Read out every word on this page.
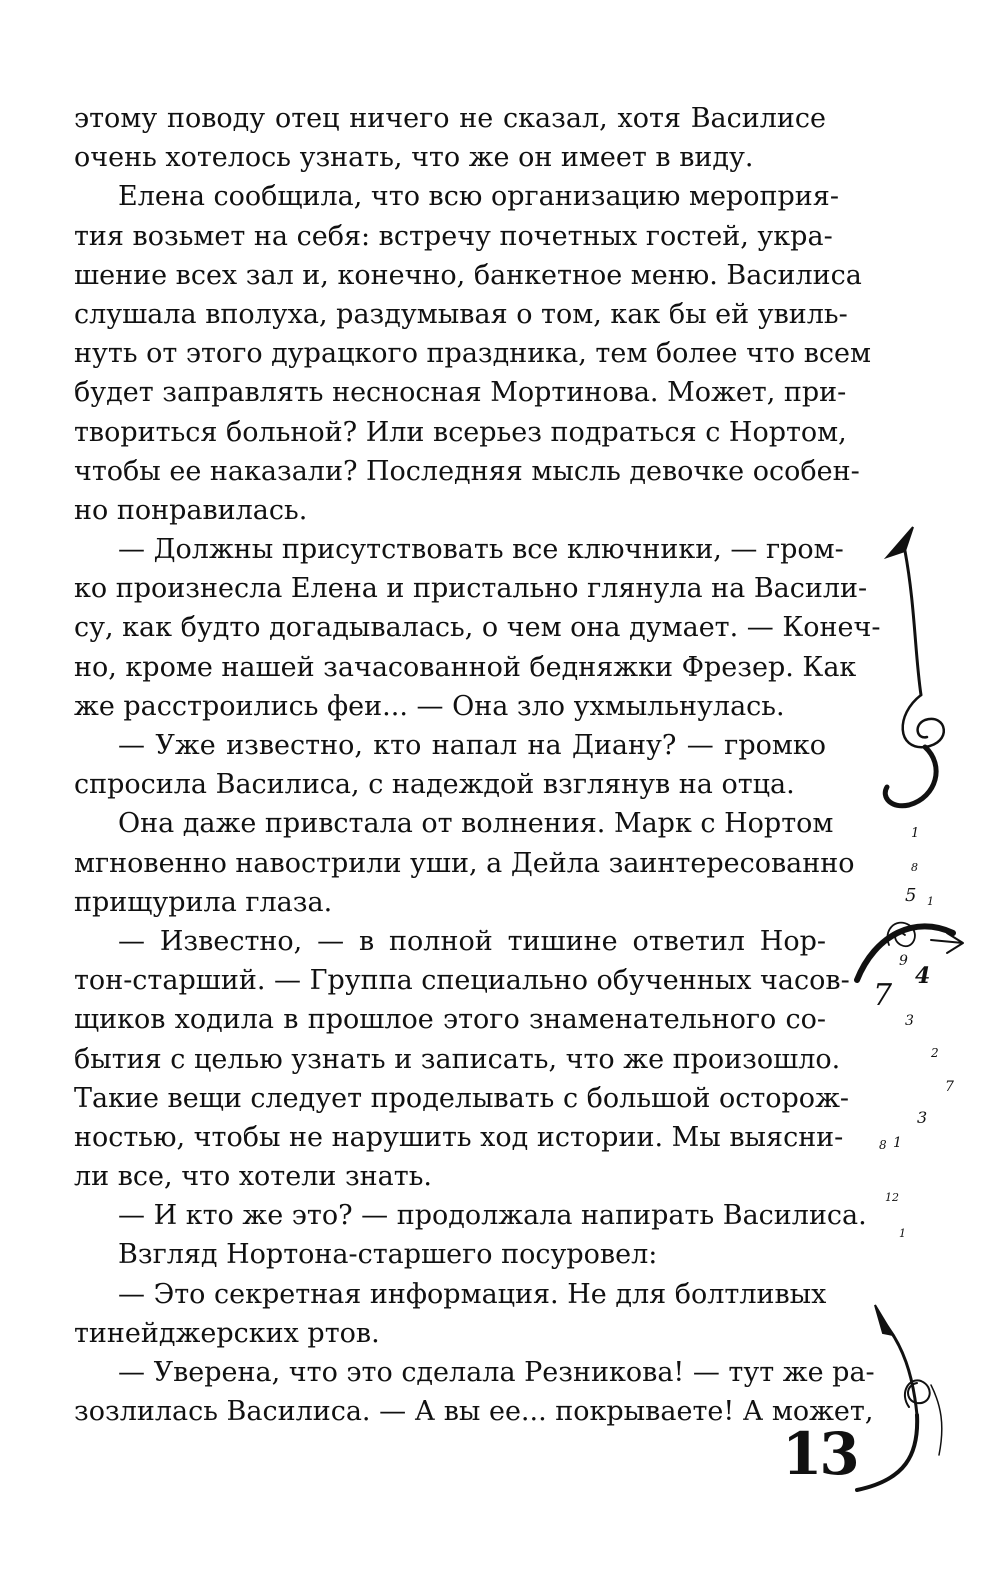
этому поводу отец ничего не сказал, хотя Василисе
очень хотелось узнать, что же он имеет в виду.
Елена сообщила, что всю организацию мероприя-
тия возьмет на себя: встречу почетных гостей, укра-
шение всех зал и, конечно, банкетное меню. Василиса
слушала вполуха, раздумывая о том, как бы ей увиль-
нуть от этого дурацкого праздника, тем более что всем
будет заправлять несносная Мортинова. Может, при-
твориться больной? Или всерьез подраться с Нортом,
чтобы ее наказали? Последняя мысль девочке особен-
но понравилась.
— Должны присутствовать все ключники, — гром-
ко произнесла Елена и пристально глянула на Васили-
су, как будто догадывалась, о чем она думает. — Конеч-
но, кроме нашей зачасованной бедняжки Фрезер. Как
же расстроились феи... — Она зло ухмыльнулась.
— Уже известно, кто напал на Диану? — громко
спросила Василиса, с надеждой взглянув на отца.
Она даже привстала от волнения. Марк с Нортом
мгновенно навострили уши, а Дейла заинтересованно
прищурила глаза.
— Известно, — в полной тишине ответил Нор-
тон-старший. — Группа специально обученных часов-
щиков ходила в прошлое этого знаменательного со-
бытия с целью узнать и записать, что же произошло.
Такие вещи следует проделывать с большой осторож-
ностью, чтобы не нарушить ход истории. Мы выясни-
ли все, что хотели знать.
— И кто же это? — продолжала напирать Василиса.
Взгляд Нортона-старшего посуровел:
— Это секретная информация. Не для болтливых
тинейджерских ртов.
— Уверена, что это сделала Резникова! — тут же ра-
зозлилась Василиса. — А вы ее... покрываете! А может,
1
8
5 1
9
4
7
3
2
7
3
8 1
12
1
13
